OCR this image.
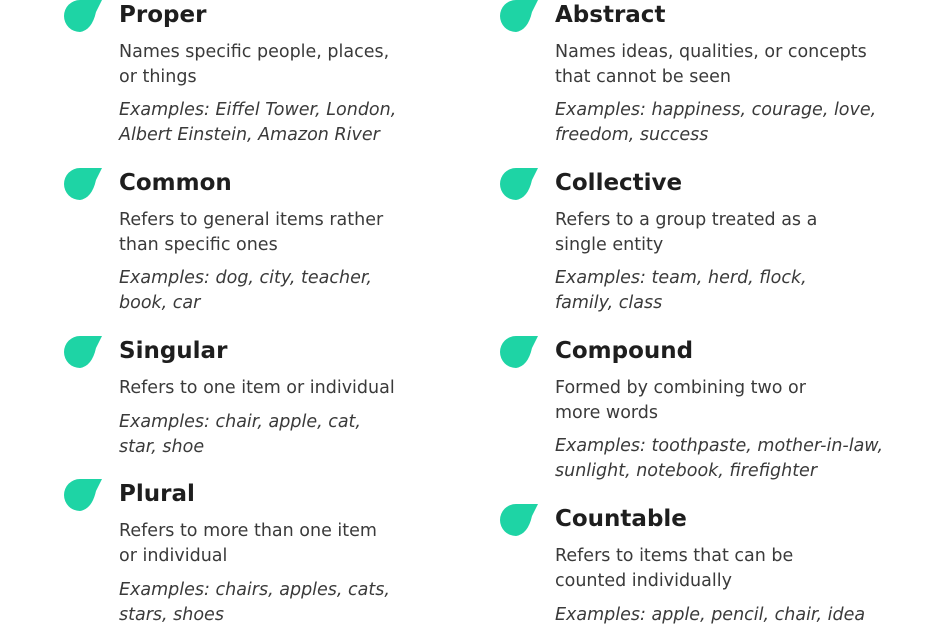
Proper
Names specific people, places,
or things
Examples: Eiffel Tower, London,
Albert Einstein, Amazon River
Common
Refers to general items rather
than specific ones
Examples: dog, city, teacher,
book, car
Singular
Refers to one item or individual
Examples: chair, apple, cat,
star, shoe
Plural
Refers to more than one item
or individual
Examples: chairs, apples, cats,
stars, shoes
Abstract
Names ideas, qualities, or concepts
that cannot be seen
Examples: happiness, courage, love,
freedom, success
Collective
Refers to a group treated as a
single entity
Examples: team, herd, flock,
family, class
Compound
Formed by combining two or
more words
Examples: toothpaste, mother-in-law,
sunlight, notebook, firefighter
Countable
Refers to items that can be
counted individually
Examples: apple, pencil, chair, idea
